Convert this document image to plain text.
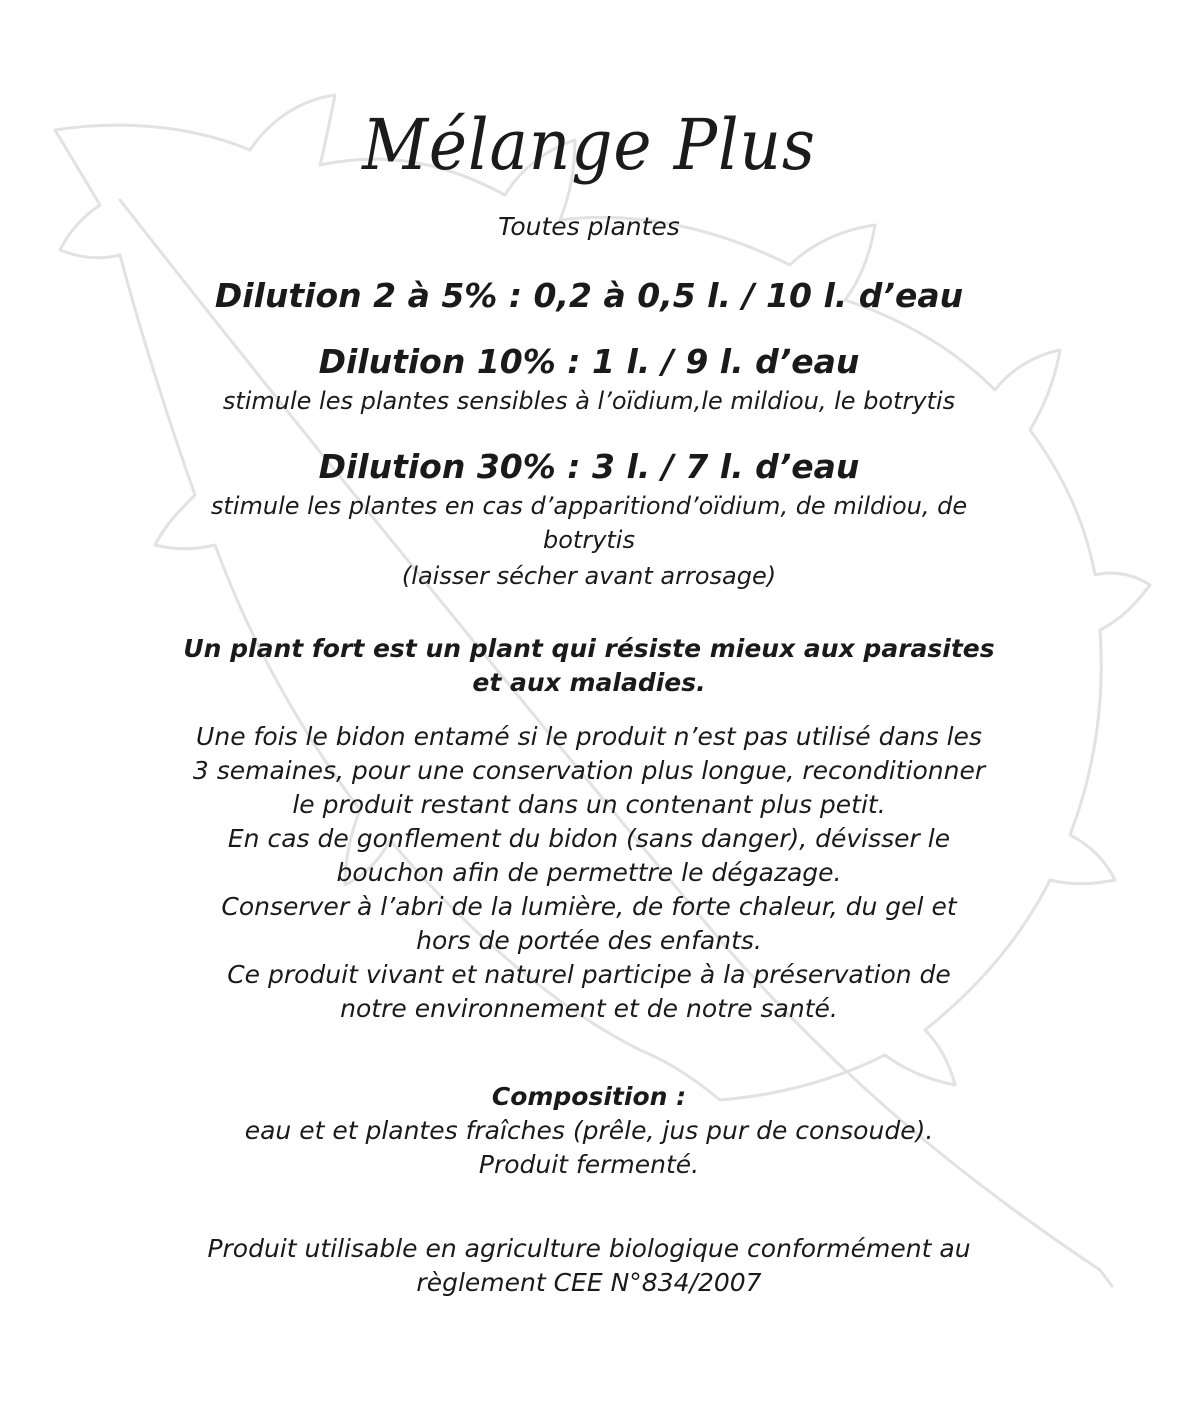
Mélange Plus
Toutes plantes
Dilution 2 à 5% : 0,2 à 0,5 l. / 10 l. d’eau
Dilution 10% : 1 l. / 9 l. d’eau
stimule les plantes sensibles à l’oïdium,le mildiou, le botrytis
Dilution 30% : 3 l. / 7 l. d’eau
stimule les plantes en cas d’apparitiond’oïdium, de mildiou, de
botrytis
(laisser sécher avant arrosage)
Un plant fort est un plant qui résiste mieux aux parasites
et aux maladies.
Une fois le bidon entamé si le produit n’est pas utilisé dans les
3 semaines, pour une conservation plus longue, reconditionner
le produit restant dans un contenant plus petit.
En cas de gonflement du bidon (sans danger), dévisser le
bouchon afin de permettre le dégazage.
Conserver à l’abri de la lumière, de forte chaleur, du gel et
hors de portée des enfants.
Ce produit vivant et naturel participe à la préservation de
notre environnement et de notre santé.
Composition :
eau et et plantes fraîches (prêle, jus pur de consoude).
Produit fermenté.
Produit utilisable en agriculture biologique conformément au
règlement CEE N°834/2007
